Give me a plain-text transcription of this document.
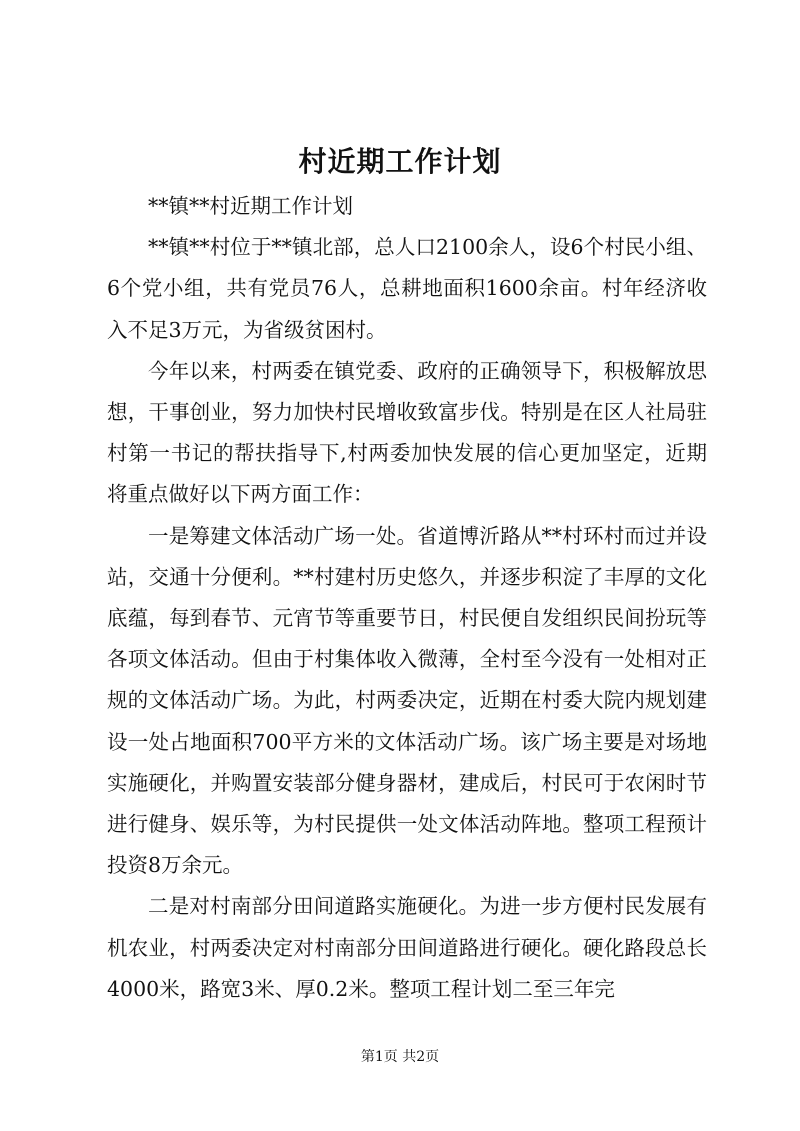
村近期工作计划

**镇**村近期工作计划

**镇**村位于**镇北部，总人口2100余人，设6个村民小组、6个党小组，共有党员76人，总耕地面积1600余亩。村年经济收入不足3万元，为省级贫困村。

今年以来，村两委在镇党委、政府的正确领导下，积极解放思想，干事创业，努力加快村民增收致富步伐。特别是在区人社局驻村第一书记的帮扶指导下,村两委加快发展的信心更加坚定，近期将重点做好以下两方面工作：

一是筹建文体活动广场一处。省道博沂路从**村环村而过并设站，交通十分便利。**村建村历史悠久，并逐步积淀了丰厚的文化底蕴，每到春节、元宵节等重要节日，村民便自发组织民间扮玩等各项文体活动。但由于村集体收入微薄，全村至今没有一处相对正规的文体活动广场。为此，村两委决定，近期在村委大院内规划建设一处占地面积700平方米的文体活动广场。该广场主要是对场地实施硬化，并购置安装部分健身器材，建成后，村民可于农闲时节进行健身、娱乐等，为村民提供一处文体活动阵地。整项工程预计投资8万余元。

二是对村南部分田间道路实施硬化。为进一步方便村民发展有机农业，村两委决定对村南部分田间道路进行硬化。硬化路段总长4000米，路宽3米、厚0.2米。整项工程计划二至三年完

第1页 共2页
